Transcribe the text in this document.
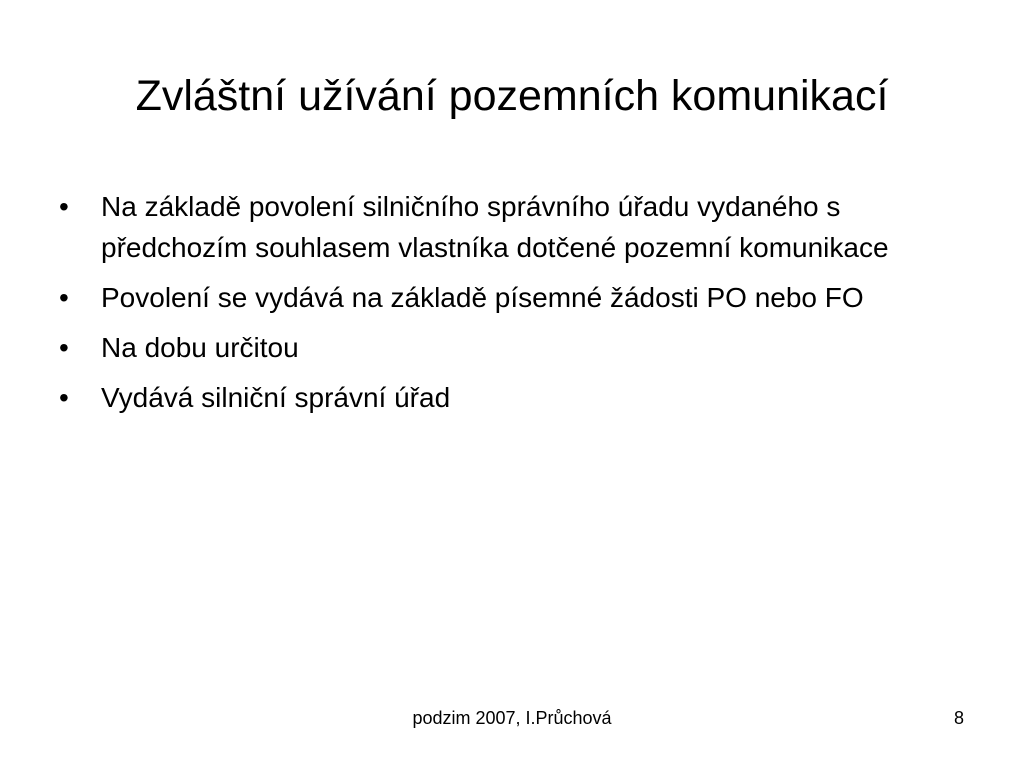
Zvláštní užívání pozemních komunikací
•	Na základě povolení silničního správního úřadu vydaného s předchozím souhlasem vlastníka dotčené pozemní komunikace
•	Povolení se vydává na základě písemné žádosti PO nebo FO
•	Na dobu určitou
•	Vydává silniční správní úřad
podzim 2007, I.Průchová	8
